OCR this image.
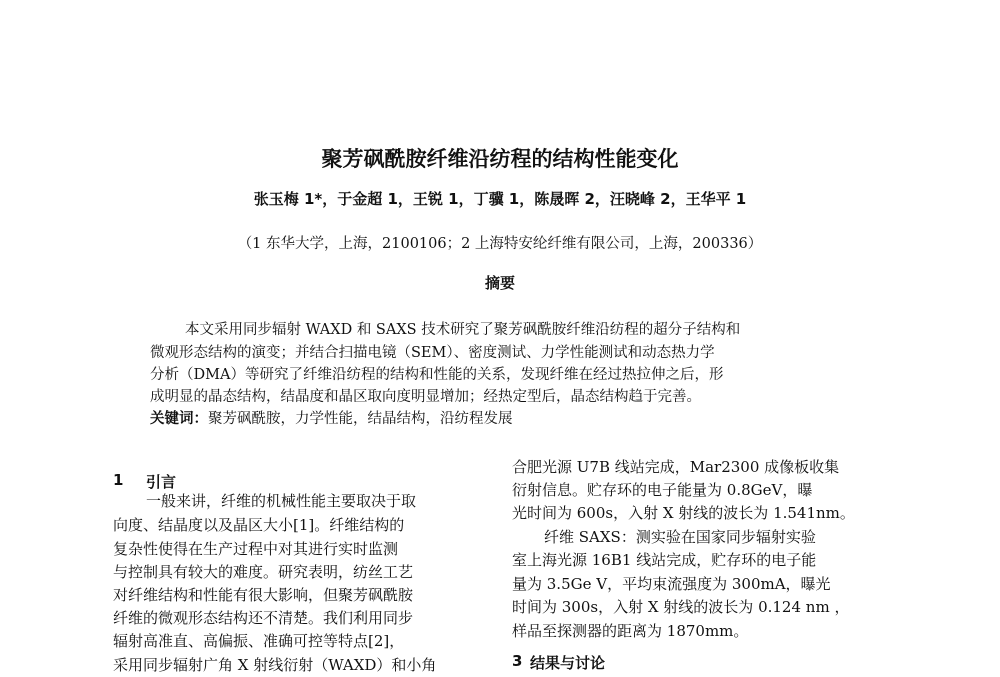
聚芳砜酰胺纤维沿纺程的结构性能变化
张玉梅 1*，于金超 1，王锐 1，丁骥 1，陈晟晖 2，汪晓峰 2，王华平 1
（1 东华大学，上海，2100106；2 上海特安纶纤维有限公司，上海，200336）
摘要
本文采用同步辐射 WAXD 和 SAXS 技术研究了聚芳砜酰胺纤维沿纺程的超分子结构和
微观形态结构的演变；并结合扫描电镜（SEM）、密度测试、力学性能测试和动态热力学
分析（DMA）等研究了纤维沿纺程的结构和性能的关系，发现纤维在经过热拉伸之后，形
成明显的晶态结构，结晶度和晶区取向度明显增加；经热定型后，晶态结构趋于完善。
关键词：聚芳砜酰胺，力学性能，结晶结构，沿纺程发展
1 引言
一般来讲，纤维的机械性能主要取决于取
向度、结晶度以及晶区大小[1]。纤维结构的
复杂性使得在生产过程中对其进行实时监测
与控制具有较大的难度。研究表明，纺丝工艺
对纤维结构和性能有很大影响，但聚芳砜酰胺
纤维的微观形态结构还不清楚。我们利用同步
辐射高准直、高偏振、准确可控等特点[2]，
采用同步辐射广角 X 射线衍射（WAXD）和小角
合肥光源 U7B 线站完成，Mar2300 成像板收集
衍射信息。贮存环的电子能量为 0.8GeV，曝
光时间为 600s，入射 X 射线的波长为 1.541nm。
纤维 SAXS：测实验在国家同步辐射实验
室上海光源 16B1 线站完成，贮存环的电子能
量为 3.5Ge V，平均束流强度为 300mA，曝光
时间为 300s，入射 X 射线的波长为 0.124 nm ，
样品至探测器的距离为 1870mm。
3 结果与讨论
